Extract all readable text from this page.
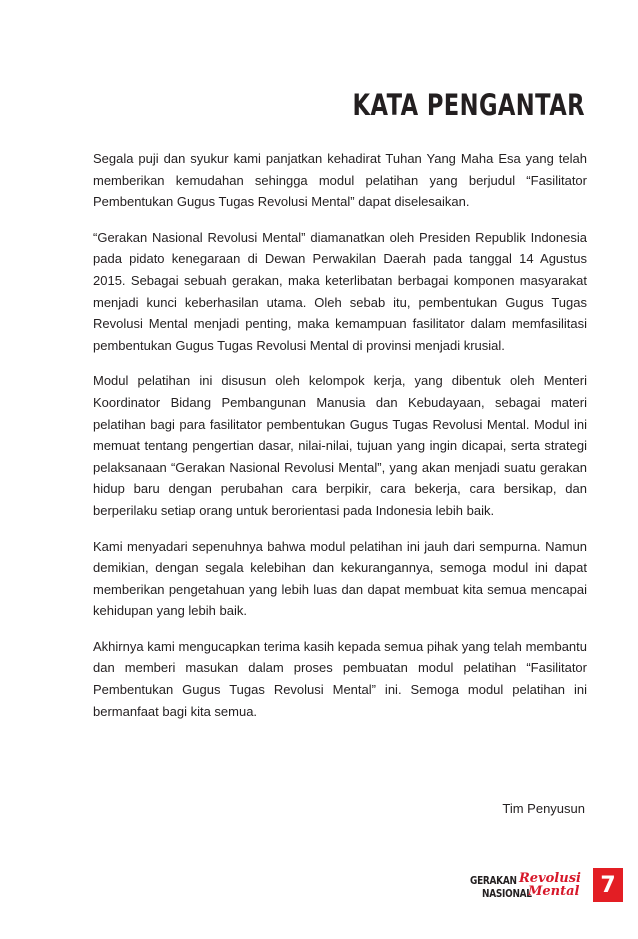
KATA PENGANTAR

Segala puji dan syukur kami panjatkan kehadirat Tuhan Yang Maha Esa yang telah memberikan kemudahan sehingga modul pelatihan yang berjudul “Fasilitator Pembentukan Gugus Tugas Revolusi Mental” dapat diselesaikan.

“Gerakan Nasional Revolusi Mental” diamanatkan oleh Presiden Republik Indonesia pada pidato kenegaraan di Dewan Perwakilan Daerah pada tanggal 14 Agustus 2015. Sebagai sebuah gerakan, maka keterlibatan berbagai komponen masyarakat menjadi kunci keberhasilan utama. Oleh sebab itu, pembentukan Gugus Tugas Revolusi Mental menjadi penting, maka kemampuan fasilitator dalam memfasilitasi pembentukan Gugus Tugas Revolusi Mental di provinsi menjadi krusial.

Modul pelatihan ini disusun oleh kelompok kerja, yang dibentuk oleh Menteri Koordinator Bidang Pembangunan Manusia dan Kebudayaan, sebagai materi pelatihan bagi para fasilitator pembentukan Gugus Tugas Revolusi Mental. Modul ini memuat tentang pengertian dasar, nilai-nilai, tujuan yang ingin dicapai, serta strategi pelaksanaan “Gerakan Nasional Revolusi Mental”, yang akan menjadi suatu gerakan hidup baru dengan perubahan cara berpikir, cara bekerja, cara bersikap, dan berperilaku setiap orang untuk berorientasi pada Indonesia lebih baik.

Kami menyadari sepenuhnya bahwa modul pelatihan ini jauh dari sempurna. Namun demikian, dengan segala kelebihan dan kekurangannya, semoga modul ini dapat memberikan pengetahuan yang lebih luas dan dapat membuat kita semua mencapai kehidupan yang lebih baik.

Akhirnya kami mengucapkan terima kasih kepada semua pihak yang telah membantu dan memberi masukan dalam proses pembuatan modul pelatihan “Fasilitator Pembentukan Gugus Tugas Revolusi Mental” ini. Semoga modul pelatihan ini bermanfaat bagi kita semua.

Tim Penyusun
GERAKAN Revolusi
NASIONAL
Mental 7
